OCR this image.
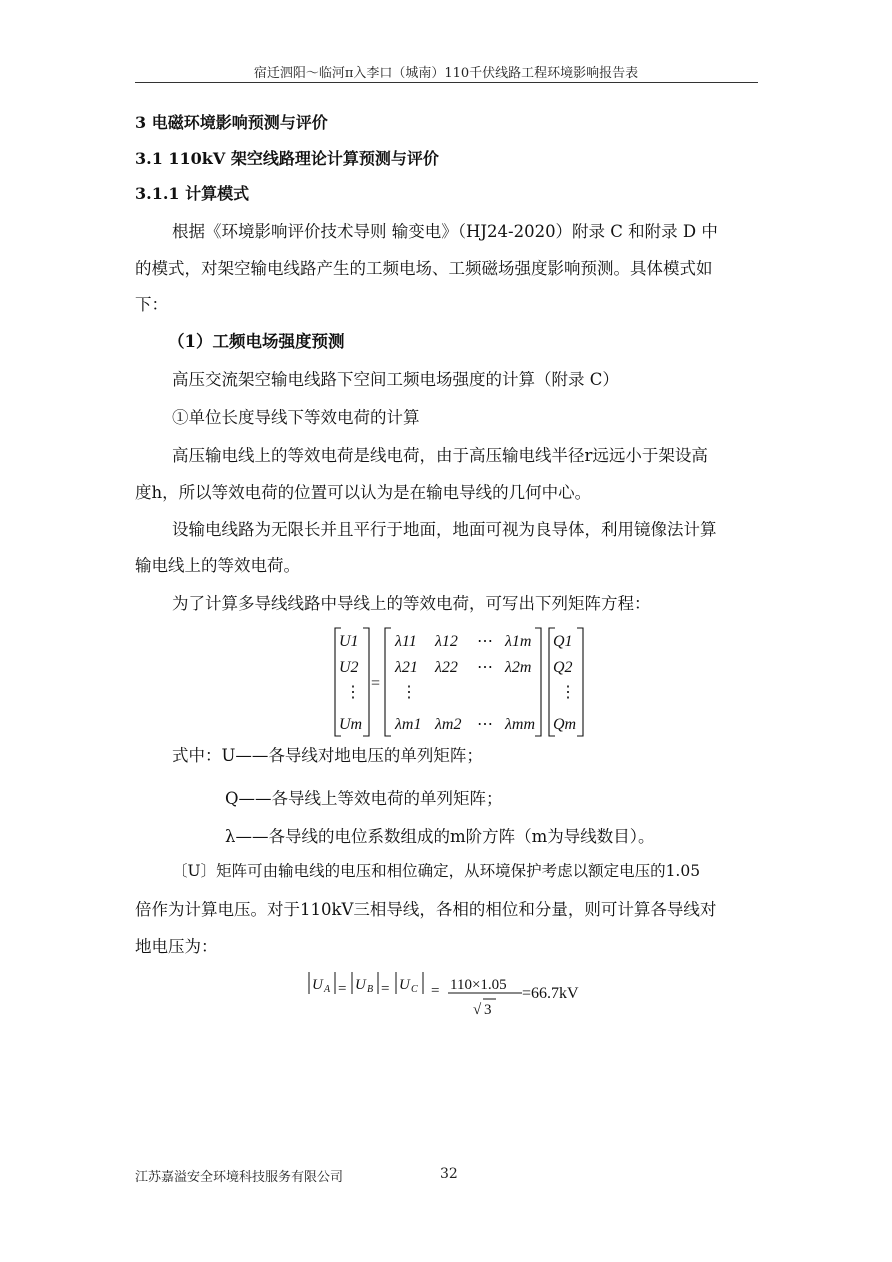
宿迁泗阳～临河π入李口（城南）110千伏线路工程环境影响报告表
3 电磁环境影响预测与评价
3.1 110kV 架空线路理论计算预测与评价
3.1.1 计算模式
根据《环境影响评价技术导则 输变电》（HJ24-2020）附录 C 和附录 D 中
的模式，对架空输电线路产生的工频电场、工频磁场强度影响预测。具体模式如
下：
（1）工频电场强度预测
高压交流架空输电线路下空间工频电场强度的计算（附录 C）
①单位长度导线下等效电荷的计算
高压输电线上的等效电荷是线电荷，由于高压输电线半径r远远小于架设高
度h，所以等效电荷的位置可以认为是在输电导线的几何中心。
设输电线路为无限长并且平行于地面，地面可视为良导体，利用镜像法计算
输电线上的等效电荷。
为了计算多导线线路中导线上的等效电荷，可写出下列矩阵方程：
U1
U2
⋮
Um
=
λ11 λ12 ⋯ λ1m
λ21 λ22 ⋯ λ2m
⋮
λm1 λm2 ⋯ λmm
Q1
Q2
⋮
Qm
式中：U——各导线对地电压的单列矩阵；
Q——各导线上等效电荷的单列矩阵；
λ——各导线的电位系数组成的m阶方阵（m为导线数目）。
〔U〕矩阵可由输电线的电压和相位确定，从环境保护考虑以额定电压的1.05
倍作为计算电压。对于110kV三相导线，各相的相位和分量，则可计算各导线对
地电压为：
U A = U B = U C = 110×1.05
√ 3
=66.7kV
江苏嘉溢安全环境科技服务有限公司	32
